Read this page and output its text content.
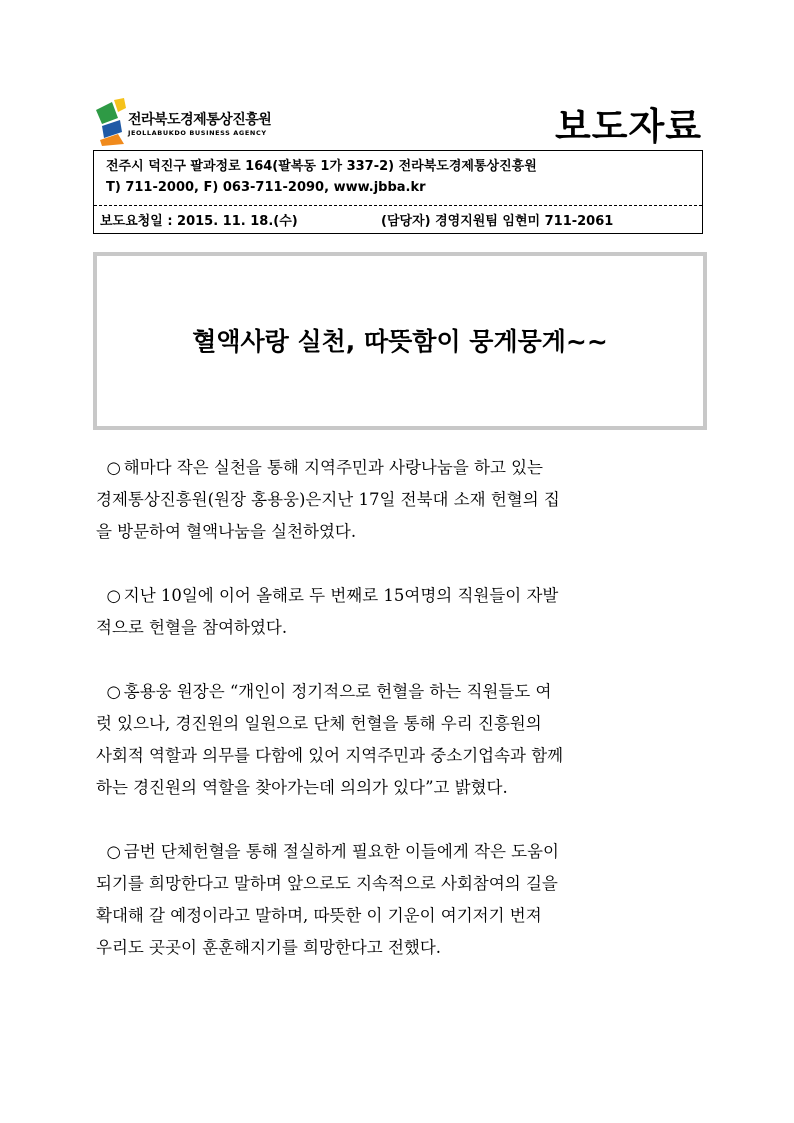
전라북도경제통상진흥원
JEOLLABUKDO BUSINESS AGENCY	보도자료
전주시 덕진구 팔과정로 164(팔복동 1가 337-2) 전라북도경제통상진흥원
T) 711-2000, F) 063-711-2090, www.jbba.kr
보도요청일 : 2015. 11. 18.(수)	(담당자) 경영지원팀 임현미 711-2061
혈액사랑 실천, 따뜻함이 뭉게뭉게~~
○ 해마다 작은 실천을 통해 지역주민과 사랑나눔을 하고 있는
경제통상진흥원(원장 홍용웅)은지난 17일 전북대 소재 헌혈의 집
을 방문하여 혈액나눔을 실천하였다.
○ 지난 10일에 이어 올해로 두 번째로 15여명의 직원들이 자발
적으로 헌혈을 참여하였다.
○ 홍용웅 원장은 “개인이 정기적으로 헌혈을 하는 직원들도 여
럿 있으나, 경진원의 일원으로 단체 헌혈을 통해 우리 진흥원의
사회적 역할과 의무를 다함에 있어 지역주민과 중소기업속과 함께
하는 경진원의 역할을 찾아가는데 의의가 있다”고 밝혔다.
○ 금번 단체헌혈을 통해 절실하게 필요한 이들에게 작은 도움이
되기를 희망한다고 말하며 앞으로도 지속적으로 사회참여의 길을
확대해 갈 예정이라고 말하며, 따뜻한 이 기운이 여기저기 번져
우리도 곳곳이 훈훈해지기를 희망한다고 전했다.
